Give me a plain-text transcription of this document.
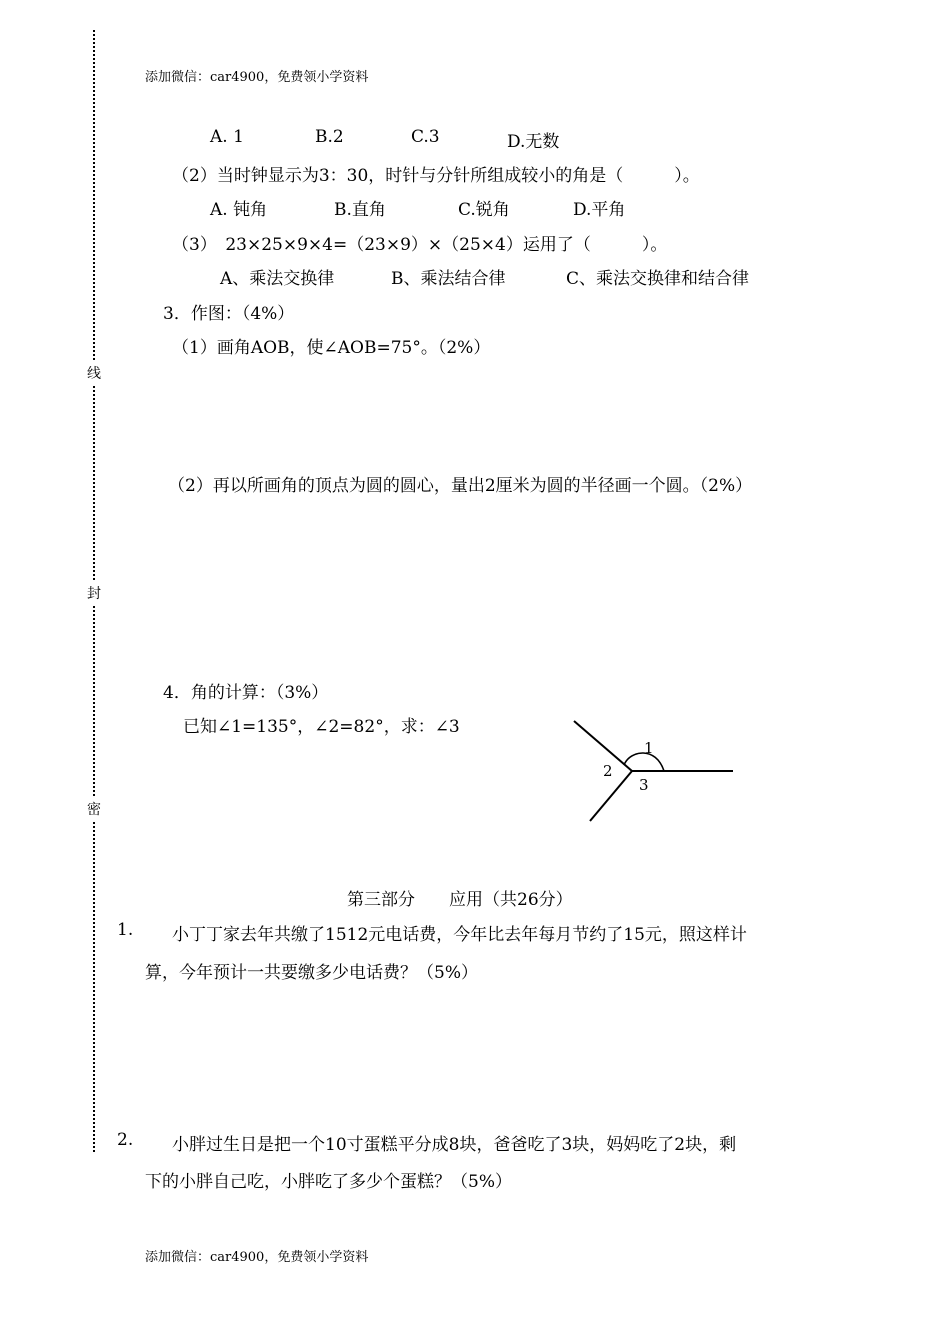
线
封
密
添加微信：car4900，免费领小学资料
A. 1	B.2	C.3	D.无数
（2）当时钟显示为3：30，时针与分针所组成较小的角是（　　　）。
A. 钝角	B.直角	C.锐角	D.平角
（3）　23×25×9×4=（23×9）×（25×4）运用了（　　　）。
A、乘法交换律	B、乘法结合律	C、乘法交换律和结合律
3．作图：（4%）
（1）画角AOB，使∠AOB=75°。（2%）
（2）再以所画角的顶点为圆的圆心，量出2厘米为圆的半径画一个圆。（2%）
4．角的计算：（3%）
已知∠1=135°，∠2=82°，求：∠3
1
2
3
第三部分　　应用（共26分）
1. 小丁丁家去年共缴了1512元电话费，今年比去年每月节约了15元，照这样计
算，今年预计一共要缴多少电话费？（5%）
2. 小胖过生日是把一个10寸蛋糕平分成8块，爸爸吃了3块，妈妈吃了2块，剩
下的小胖自己吃，小胖吃了多少个蛋糕？（5%）
添加微信：car4900，免费领小学资料
